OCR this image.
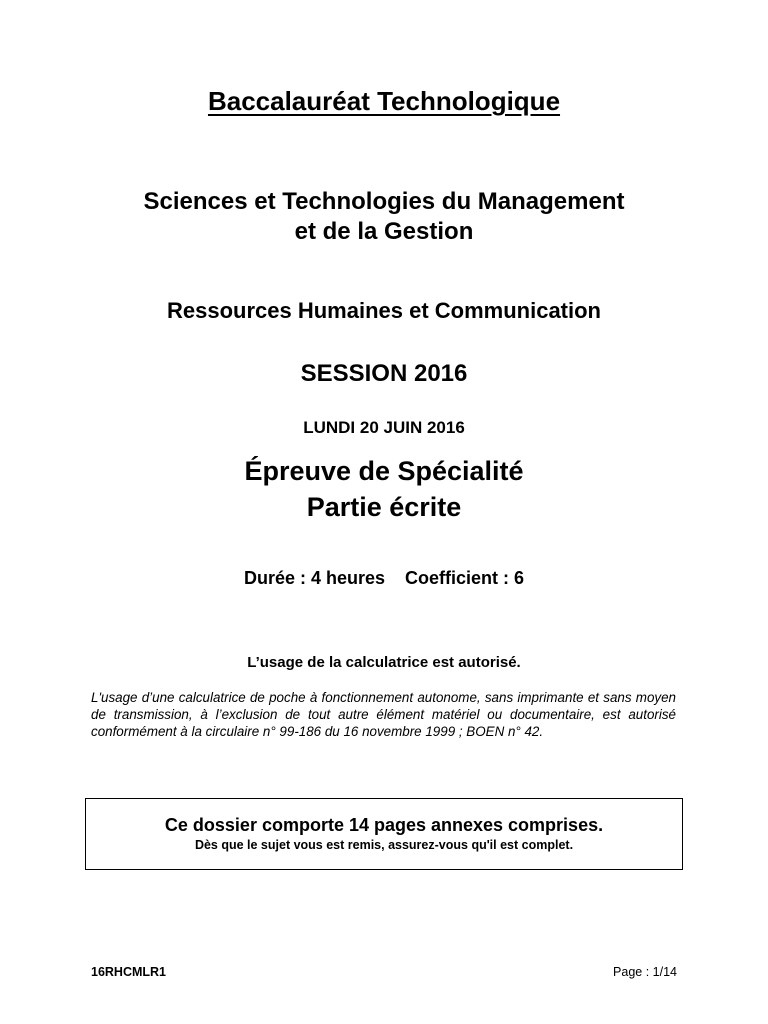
Baccalauréat Technologique
Sciences et Technologies du Management
et de la Gestion
Ressources Humaines et Communication
SESSION 2016
LUNDI 20 JUIN 2016
Épreuve de Spécialité
Partie écrite
Durée : 4 heures Coefficient : 6
L’usage de la calculatrice est autorisé.
L'usage d’une calculatrice de poche à fonctionnement autonome, sans imprimante et sans moyen de transmission, à l’exclusion de tout autre élément matériel ou documentaire, est autorisé conformément à la circulaire n° 99-186 du 16 novembre 1999 ; BOEN n° 42.
Ce dossier comporte 14 pages annexes comprises.
Dès que le sujet vous est remis, assurez-vous qu'il est complet.
16RHCMLR1	Page : 1/14
